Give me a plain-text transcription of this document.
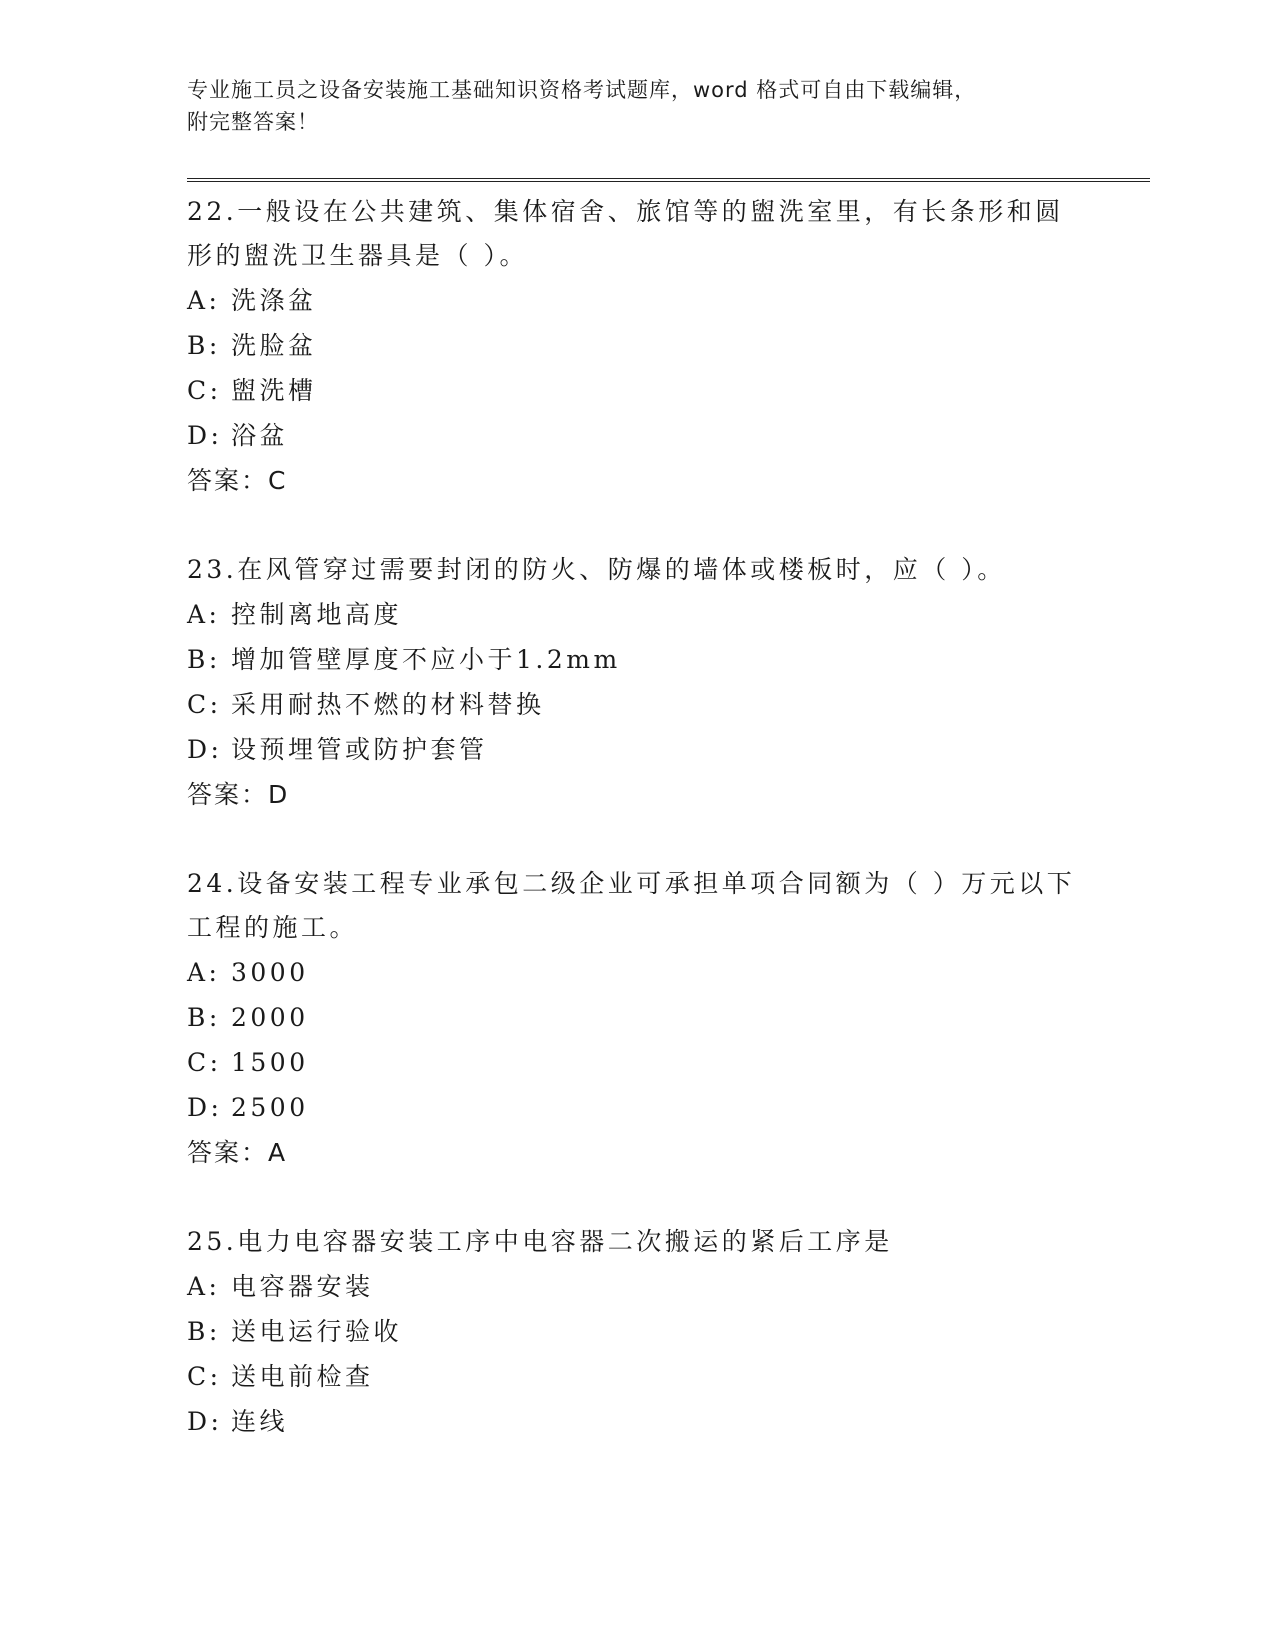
专业施工员之设备安装施工基础知识资格考试题库，word 格式可自由下载编辑，
附完整答案！

22.一般设在公共建筑、集体宿舍、旅馆等的盥洗室里，有长条形和圆形的盥洗卫生器具是（ ）。

A: 洗涤盆
B: 洗脸盆
C: 盥洗槽
D: 浴盆
答案：C

23.在风管穿过需要封闭的防火、防爆的墙体或楼板时，应（ ）。

A: 控制离地高度
B: 增加管壁厚度不应小于1.2mm
C: 采用耐热不燃的材料替换
D: 设预埋管或防护套管
答案：D

24.设备安装工程专业承包二级企业可承担单项合同额为（ ）万元以下工程的施工。

A: 3000
B: 2000
C: 1500
D: 2500
答案：A

25.电力电容器安装工序中电容器二次搬运的紧后工序是

A: 电容器安装
B: 送电运行验收
C: 送电前检查
D: 连线
